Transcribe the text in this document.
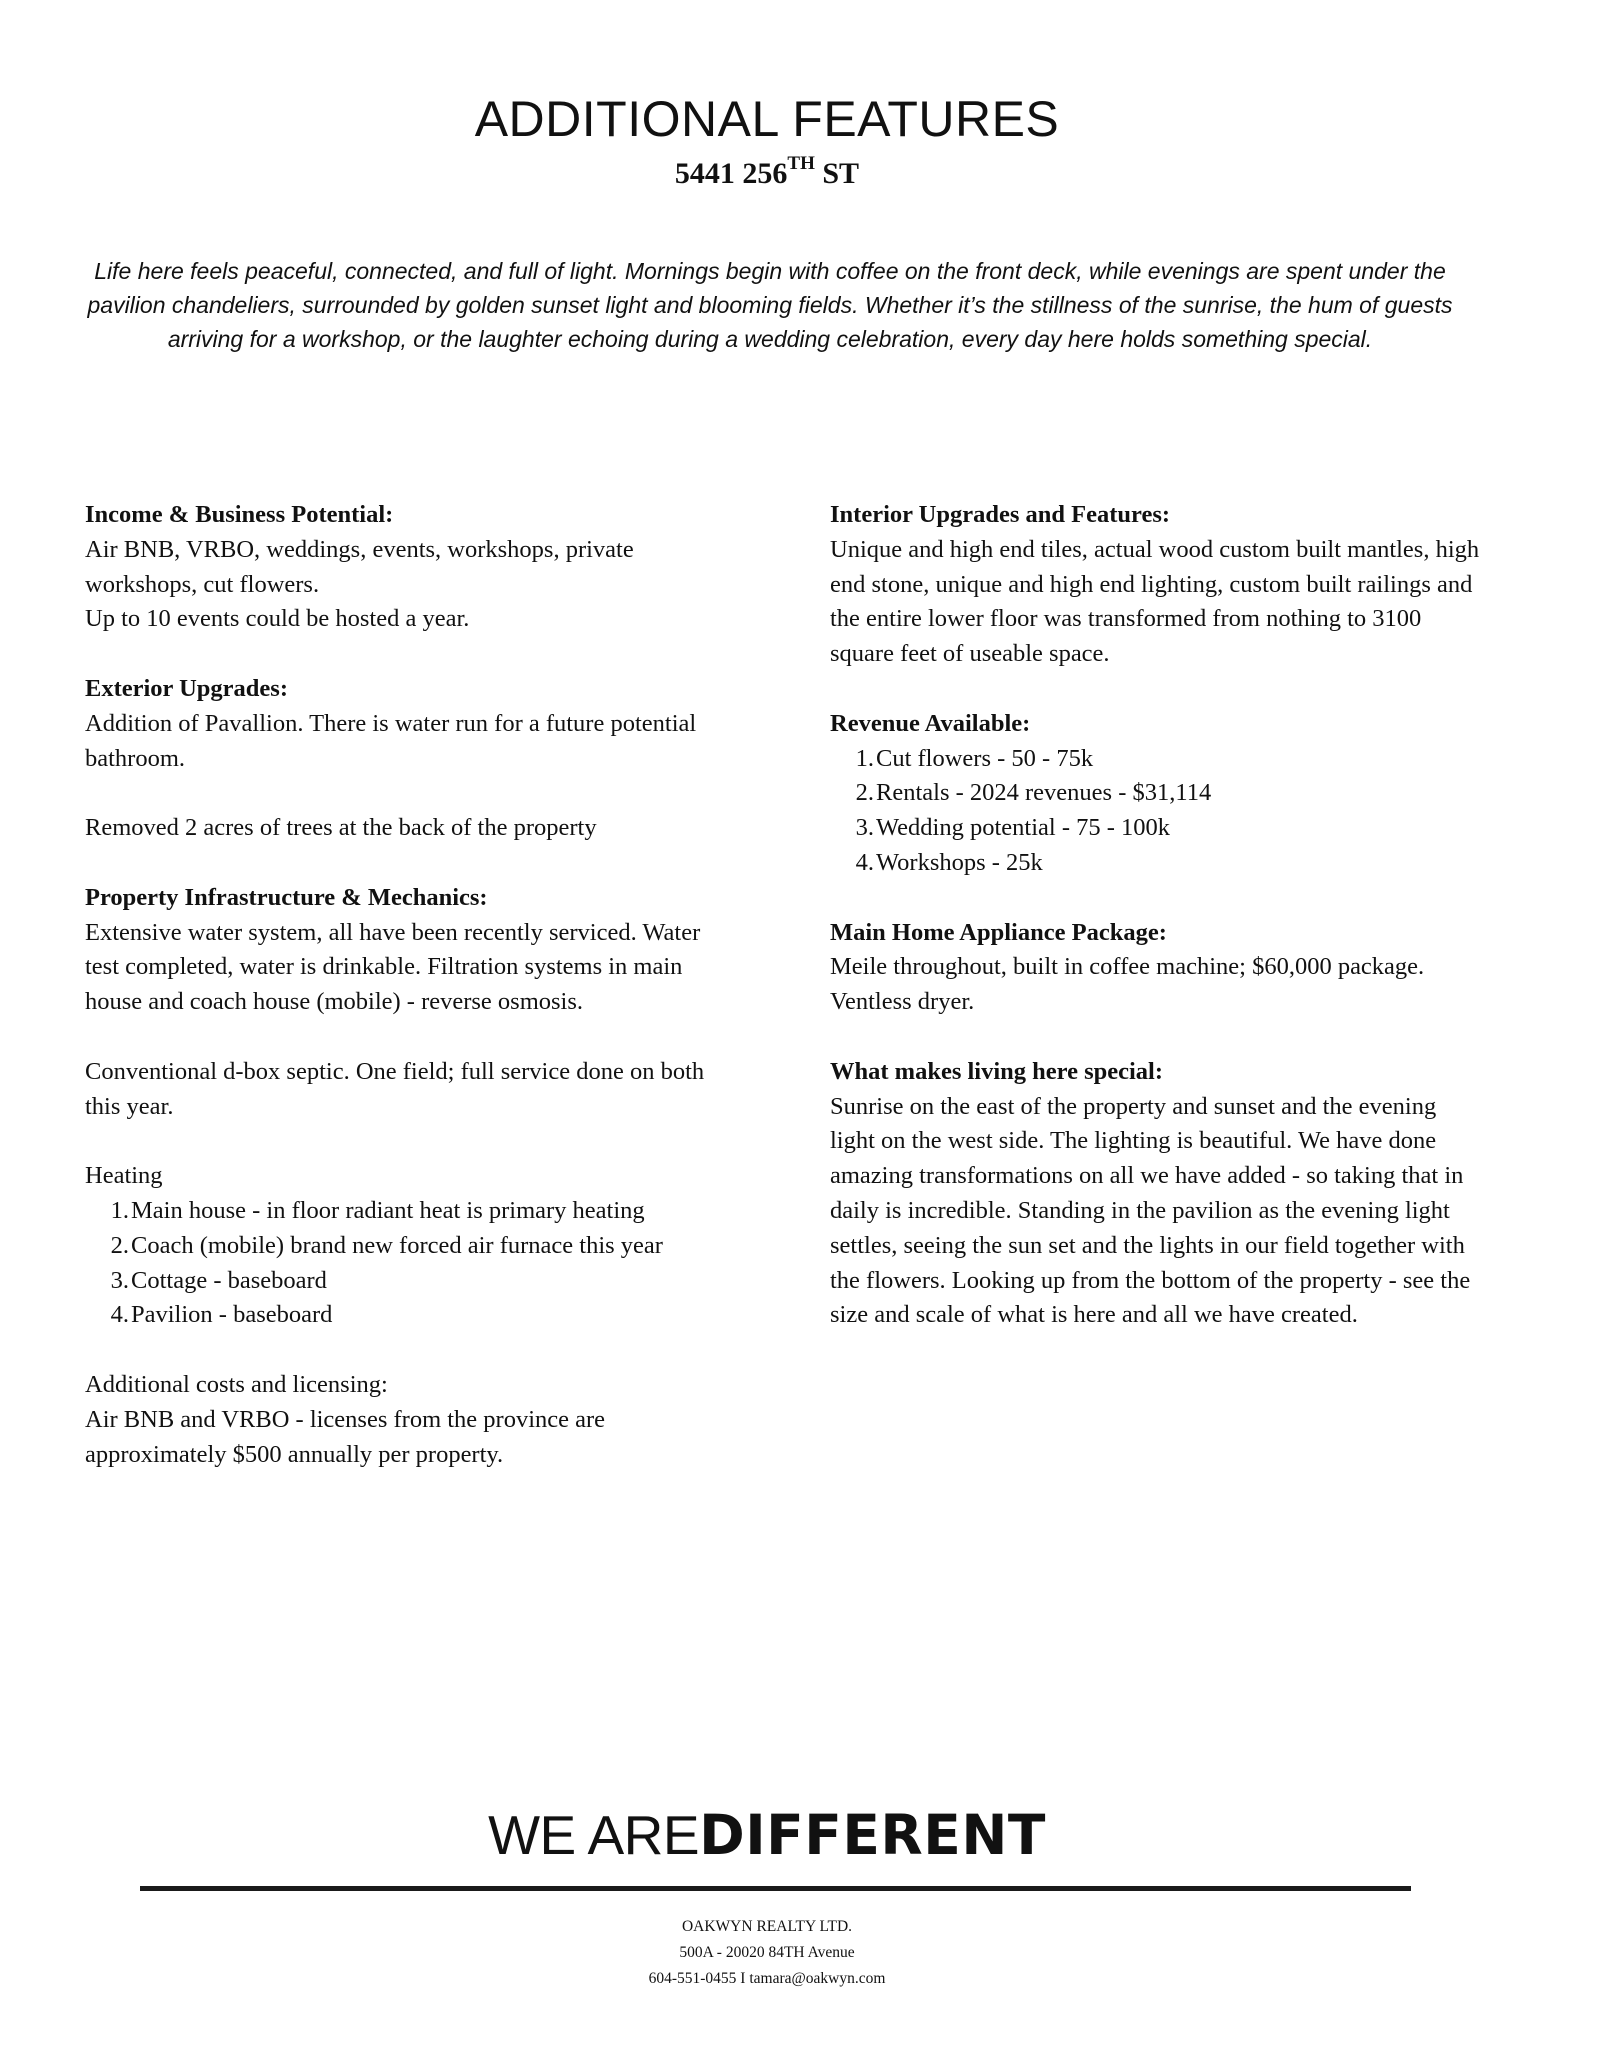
ADDITIONAL FEATURES
5441 256TH ST

Life here feels peaceful, connected, and full of light. Mornings begin with coffee on the front deck, while evenings are spent under the pavilion chandeliers, surrounded by golden sunset light and blooming fields. Whether it’s the stillness of the sunrise, the hum of guests arriving for a workshop, or the laughter echoing during a wedding celebration, every day here holds something special.

Income & Business Potential:
Air BNB, VRBO, weddings, events, workshops, private workshops, cut flowers.
Up to 10 events could be hosted a year.
Exterior Upgrades:

Addition of Pavallion. There is water run for a future potential bathroom.

Removed 2 acres of trees at the back of the property

Property Infrastructure & Mechanics:

Extensive water system, all have been recently serviced. Water test completed, water is drinkable. Filtration systems in main house and coach house (mobile) - reverse osmosis.

Conventional d-box septic. One field; full service done on both this year.

Heating
1. Main house - in floor radiant heat is primary heating
2. Coach (mobile) brand new forced air furnace this year
3. Cottage - baseboard
4. Pavilion - baseboard
Additional costs and licensing:
Air BNB and VRBO - licenses from the province are approximately $500 annually per property.
Interior Upgrades and Features:
Unique and high end tiles, actual wood custom built mantles, high end stone, unique and high end lighting, custom built railings and the entire lower floor was transformed from nothing to 3100 square feet of useable space.
Revenue Available:
1. Cut flowers - 50 - 75k
2. Rentals - 2024 revenues - $31,114
3. Wedding potential - 75 - 100k
4. Workshops - 25k
Main Home Appliance Package:
Meile throughout, built in coffee machine; $60,000 package. Ventless dryer.
What makes living here special:
Sunrise on the east of the property and sunset and the evening light on the west side. The lighting is beautiful. We have done amazing transformations on all we have added - so taking that in daily is incredible. Standing in the pavilion as the evening light settles, seeing the sun set and the lights in our field together with the flowers. Looking up from the bottom of the property - see the size and scale of what is here and all we have created.
WE AREDIFFERENT
OAKWYN REALTY LTD.
500A - 20020 84TH Avenue
604-551-0455 I tamara@oakwyn.com
